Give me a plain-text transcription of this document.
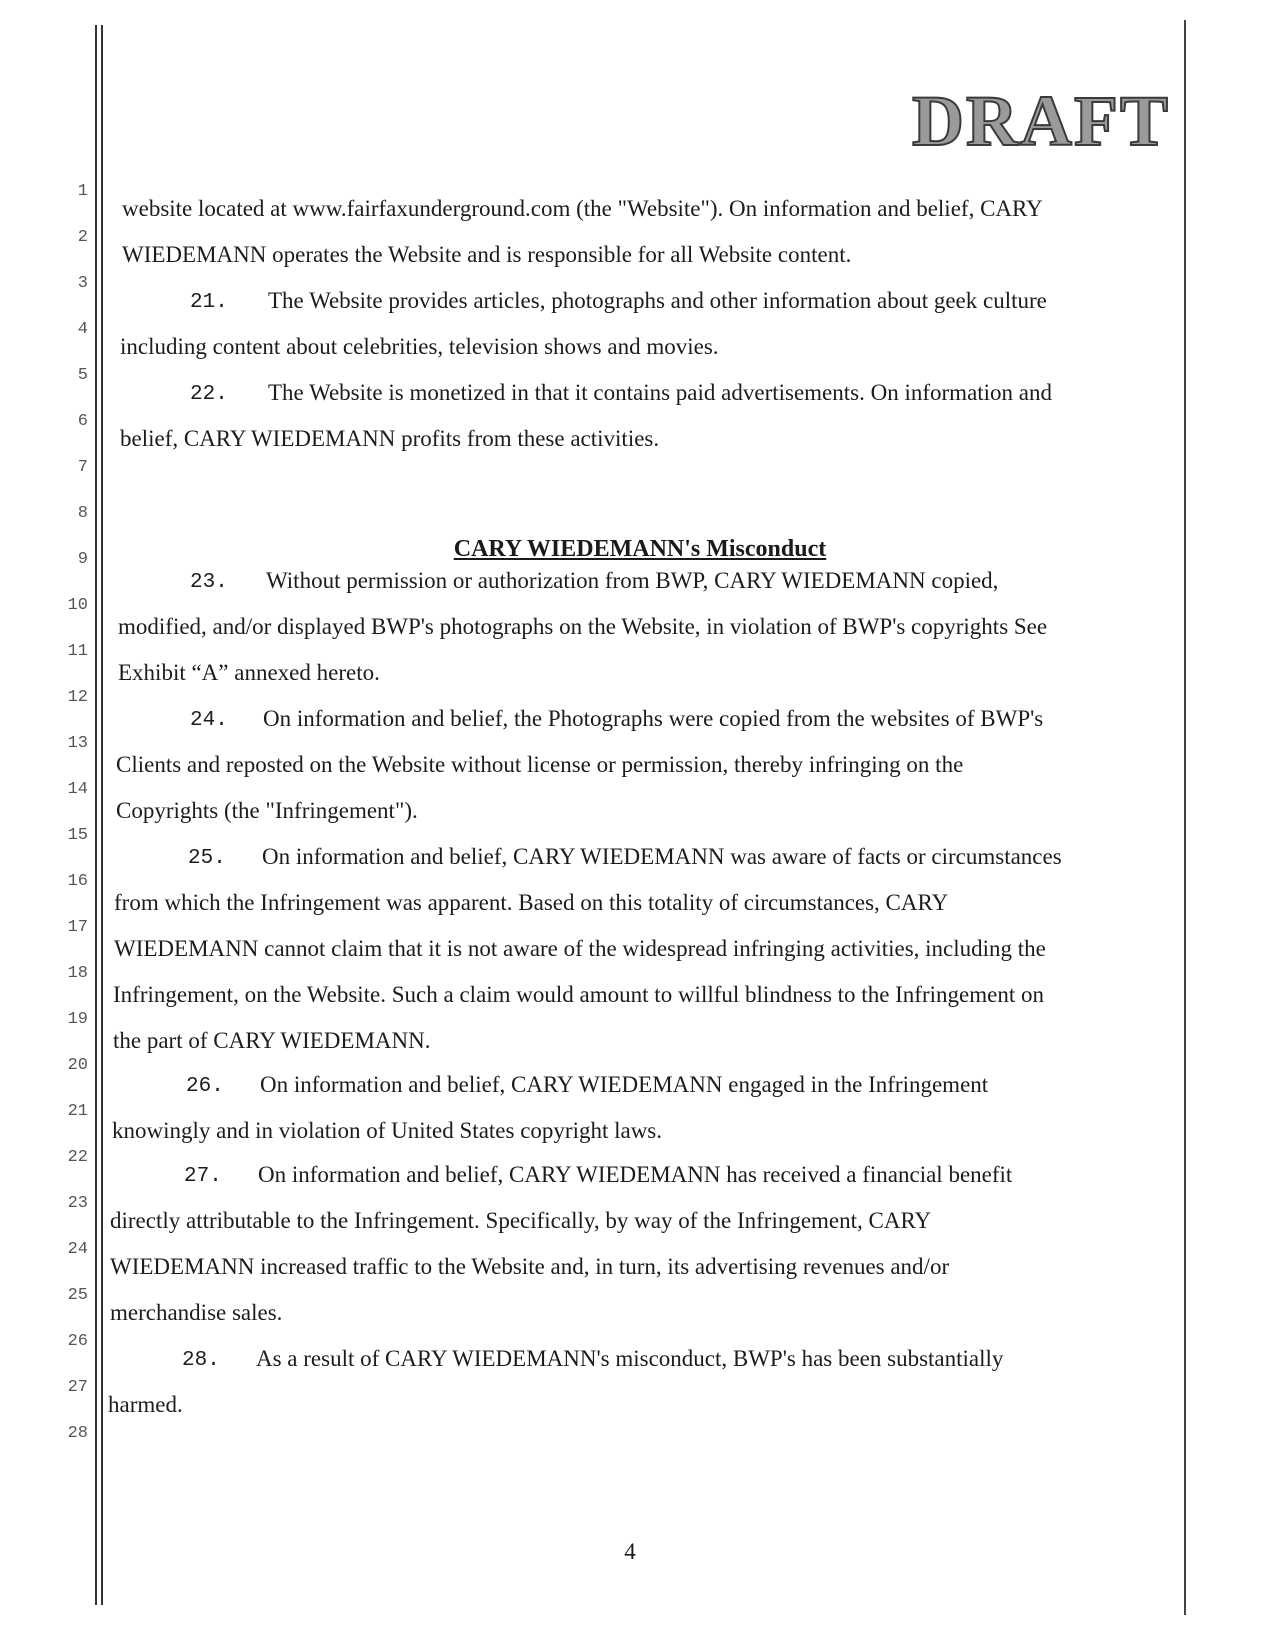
DRAFT
1
2
3
4
5
6
7
8
9
10
11
12
13
14
15
16
17
18
19
20
21
22
23
24
25
26
27
28
website located at www.fairfaxunderground.com (the "Website"). On information and belief, CARY
WIEDEMANN operates the Website and is responsible for all Website content.
21. The Website provides articles, photographs and other information about geek culture
including content about celebrities, television shows and movies.
22. The Website is monetized in that it contains paid advertisements. On information and
belief, CARY WIEDEMANN profits from these activities.
CARY WIEDEMANN's Misconduct
23. Without permission or authorization from BWP, CARY WIEDEMANN copied,
modified, and/or displayed BWP's photographs on the Website, in violation of BWP's copyrights See
Exhibit “A” annexed hereto.
24. On information and belief, the Photographs were copied from the websites of BWP's
Clients and reposted on the Website without license or permission, thereby infringing on the
Copyrights (the "Infringement").
25. On information and belief, CARY WIEDEMANN was aware of facts or circumstances
from which the Infringement was apparent. Based on this totality of circumstances, CARY
WIEDEMANN cannot claim that it is not aware of the widespread infringing activities, including the
Infringement, on the Website. Such a claim would amount to willful blindness to the Infringement on
the part of CARY WIEDEMANN.
26. On information and belief, CARY WIEDEMANN engaged in the Infringement
knowingly and in violation of United States copyright laws.
27. On information and belief, CARY WIEDEMANN has received a financial benefit
directly attributable to the Infringement. Specifically, by way of the Infringement, CARY
WIEDEMANN increased traffic to the Website and, in turn, its advertising revenues and/or
merchandise sales.
28. As a result of CARY WIEDEMANN's misconduct, BWP's has been substantially
harmed.
4
